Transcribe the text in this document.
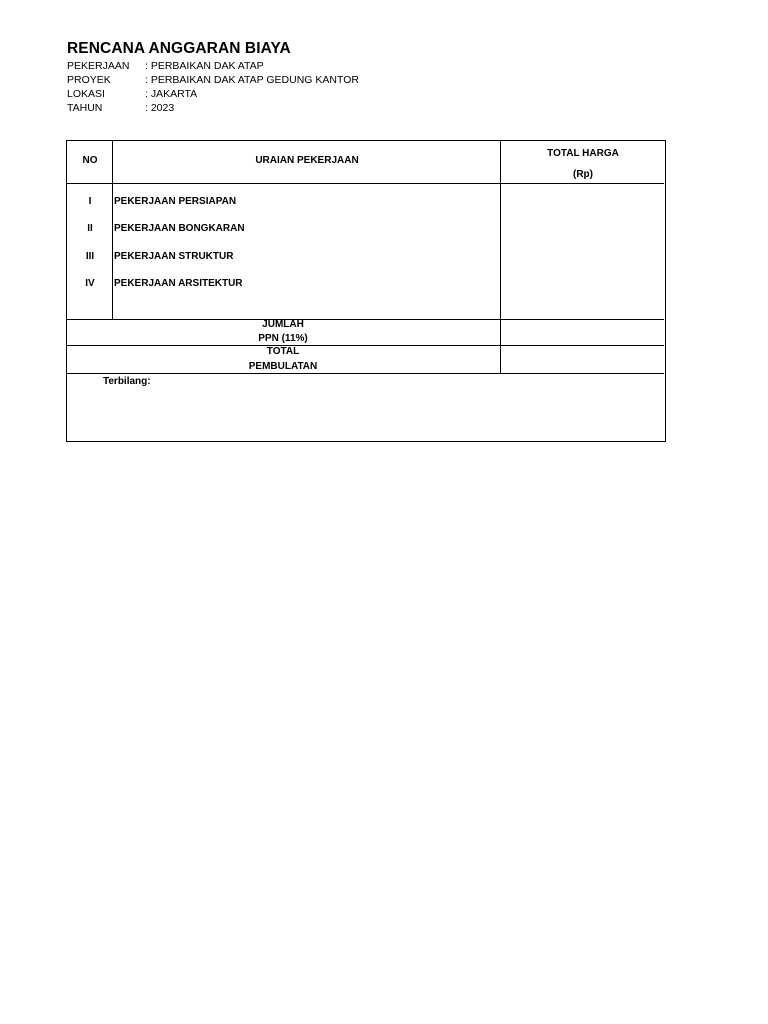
RENCANA ANGGARAN BIAYA
PEKERJAAN	: PERBAIKAN DAK ATAP
PROYEK	: PERBAIKAN DAK ATAP GEDUNG KANTOR
LOKASI	: JAKARTA
TAHUN	: 2023
NO	URAIAN PEKERJAAN
TOTAL HARGA
(Rp)
I PEKERJAAN PERSIAPAN
II PEKERJAAN BONGKARAN
III PEKERJAAN STRUKTUR
IV PEKERJAAN ARSITEKTUR
JUMLAH
PPN (11%)
TOTAL
PEMBULATAN
Terbilang:
